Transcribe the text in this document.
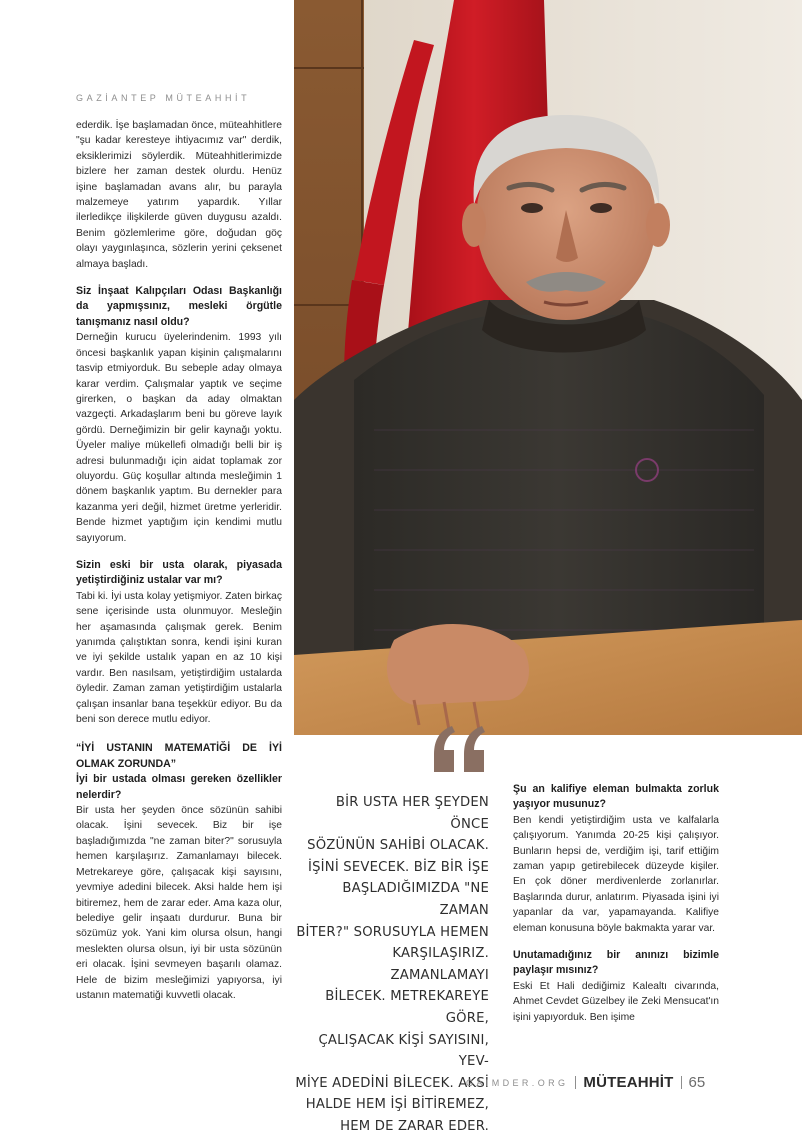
GAZİANTEP MÜTEAHHİT

ederdik. İşe başlamadan önce, müteahhitlere "şu kadar keresteye ihtiyacımız var" derdik, eksiklerimizi söylerdik. Müteahhitlerimizde bizlere her zaman destek olurdu. Henüz işine başlamadan avans alır, bu parayla malzemeye yatırım yapardık. Yıllar ilerledikçe ilişkilerde güven duygusu azaldı. Benim gözlemlerime göre, doğudan göç olayı yaygınlaşınca, sözlerin yerini çeksenet almaya başladı.

Siz İnşaat Kalıpçıları Odası Başkanlığı da yapmışsınız, mesleki örgütle tanışmanız nasıl oldu?

Derneğin kurucu üyelerindenim. 1993 yılı öncesi başkanlık yapan kişinin çalışmalarını tasvip etmiyorduk. Bu sebeple aday olmaya karar verdim. Çalışmalar yaptık ve seçime girerken, o başkan da aday olmaktan vazgeçti. Arkadaşlarım beni bu göreve layık gördü. Derneğimizin bir gelir kaynağı yoktu. Üyeler maliye mükellefi olmadığı belli bir iş adresi bulunmadığı için aidat toplamak zor oluyordu. Güç koşullar altında mesleğimin 1 dönem başkanlık yaptım. Bu dernekler para kazanma yeri değil, hizmet üretme yerleridir. Bende hizmet yaptığım için kendimi mutlu sayıyorum.

Sizin eski bir usta olarak, piyasada yetiştirdiğiniz ustalar var mı?

Tabi ki. İyi usta kolay yetişmiyor. Zaten birkaç sene içerisinde usta olunmuyor. Mesleğin her aşamasında çalışmak gerek. Benim yanımda çalıştıktan sonra, kendi işini kuran ve iyi şekilde ustalık yapan en az 10 kişi vardır. Ben nasılsam, yetiştirdiğim ustalarda öyledir. Zaman zaman yetiştirdiğim ustalarla çalışan insanlar bana teşekkür ediyor. Bu da beni son derece mutlu ediyor.

“İYİ USTANIN MATEMATİĞİ DE İYİ OLMAK ZORUNDA”

İyi bir ustada olması gereken özellikler nelerdir?

Bir usta her şeyden önce sözünün sahibi olacak. İşini sevecek. Biz bir işe başladığımızda "ne zaman biter?" sorusuyla hemen karşılaşırız. Zamanlamayı bilecek. Metrekareye göre, çalışacak kişi sayısını, yevmiye adedini bilecek. Aksi halde hem işi bitiremez, hem de zarar eder. Ama kaza olur, belediye gelir inşaatı durdurur. Buna bir sözümüz yok. Yani kim olursa olsun, hangi meslekten olursa olsun, iyi bir usta sözünün eri olacak. İşini sevmeyen başarılı olamaz. Hele de bizim mesleğimizi yapıyorsa, iyi ustanın matematiği kuvvetli olacak.

BİR USTA HER ŞEYDEN ÖNCE
SÖZÜNÜN SAHİBİ OLACAK.
İŞİNİ SEVECEK. BİZ BİR İŞE
BAŞLADIĞIMIZDA "NE ZAMAN
BİTER?" SORUSUYLA HEMEN
KARŞILAŞIRIZ. ZAMANLAMAYI
BİLECEK. METREKAREYE GÖRE,
ÇALIŞACAK KİŞİ SAYISINI, YEV-
MİYE ADEDİNİ BİLECEK. AKSİ
HALDE HEM İŞİ BİTİREMEZ,
HEM DE ZARAR EDER.

Şu an kalifiye eleman bulmakta zorluk yaşıyor musunuz?

Ben kendi yetiştirdiğim usta ve kalfalarla çalışıyorum. Yanımda 20-25 kişi çalışıyor. Bunların hepsi de, verdiğim işi, tarif ettiğim zaman yapıp getirebilecek düzeyde kişiler. En çok döner merdivenlerde zorlanırlar. Başlarında durur, anlatırım. Piyasada işini iyi yapanlar da var, yapamayanda. Kalifiye eleman konusuna böyle bakmakta yarar var.

Unutamadığınız bir anınızı bizimle paylaşır mısınız?

Eski Et Hali dediğimiz Kalealtı civarında, Ahmet Cevdet Güzelbey ile Zeki Mensucat'ın işini yapıyorduk. Ben işime

GAIMDER.ORG MÜTEAHHİT 65
